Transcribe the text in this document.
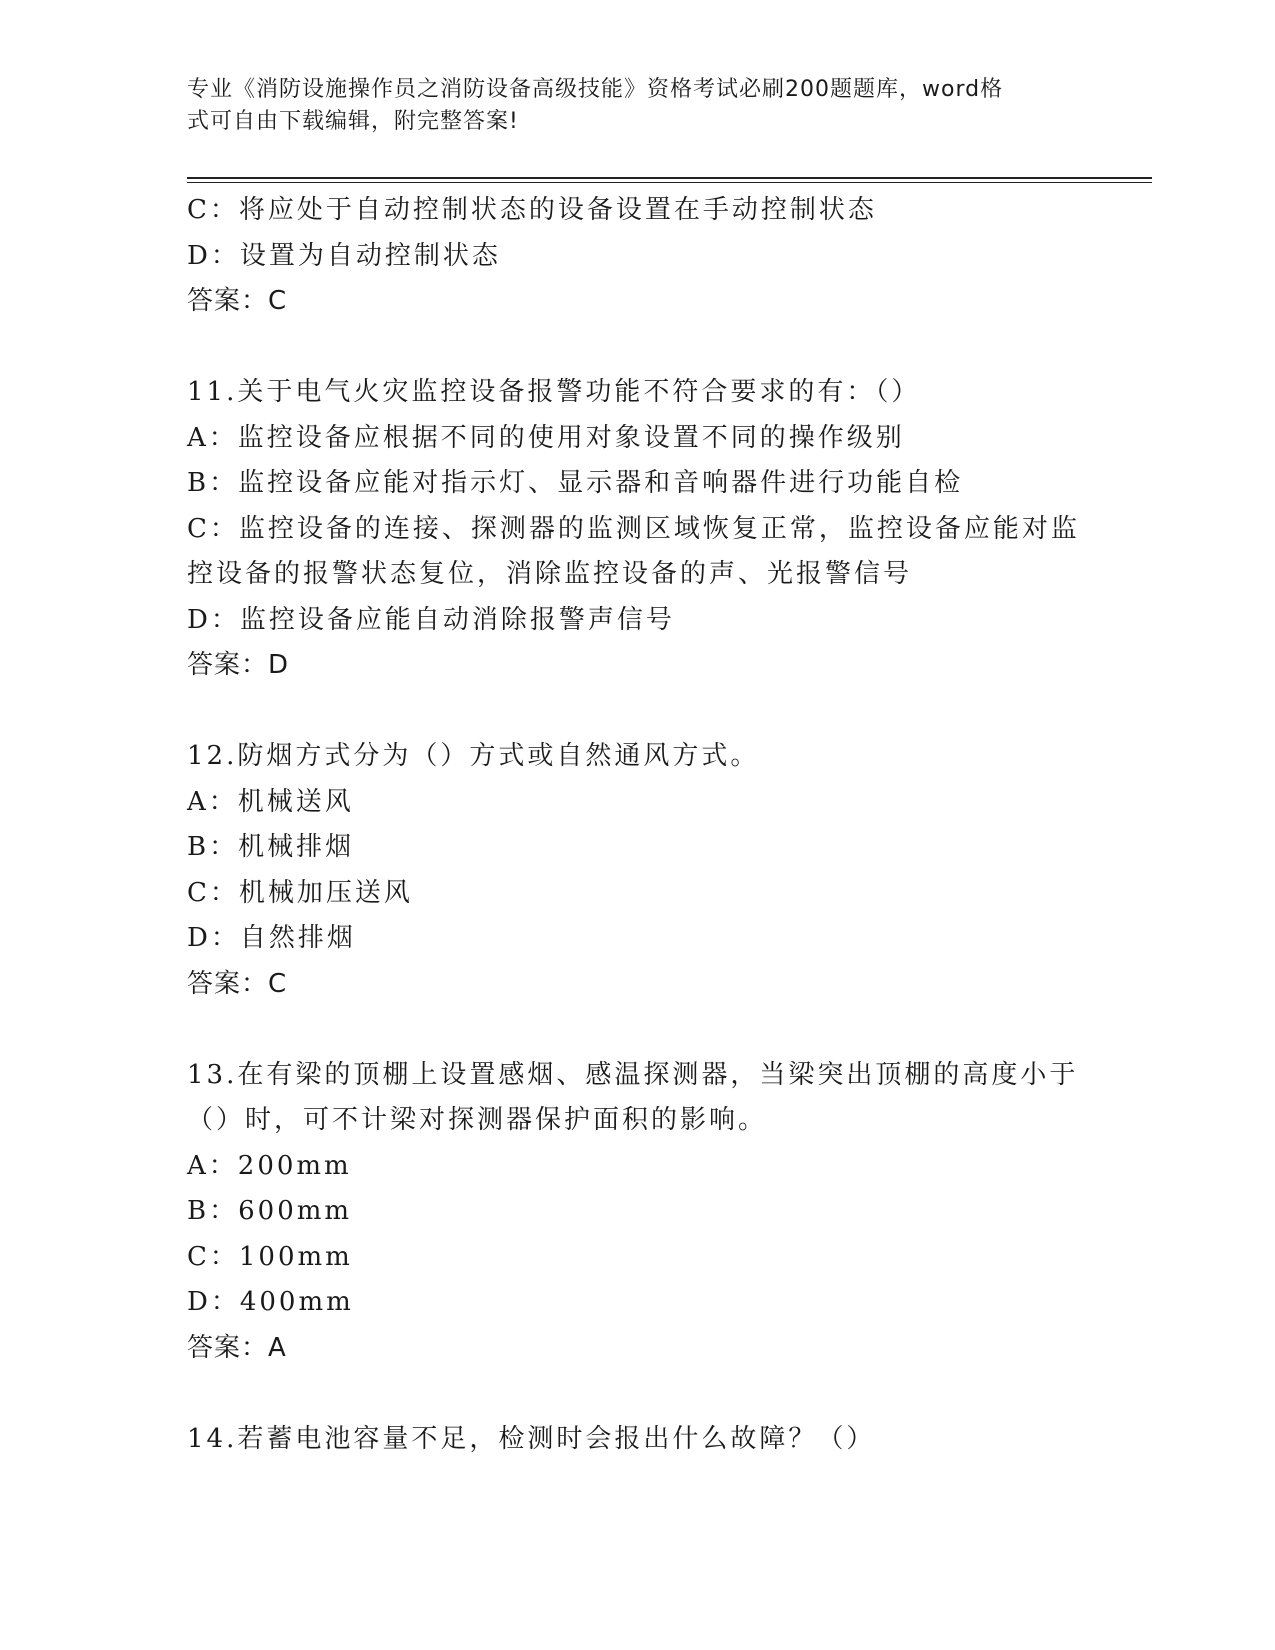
专业《消防设施操作员之消防设备高级技能》资格考试必刷200题题库，word格
式可自由下载编辑，附完整答案!
C：将应处于自动控制状态的设备设置在手动控制状态
D：设置为自动控制状态
答案：C
11.关于电气火灾监控设备报警功能不符合要求的有：（）
A：监控设备应根据不同的使用对象设置不同的操作级别
B：监控设备应能对指示灯、显示器和音响器件进行功能自检
C：监控设备的连接、探测器的监测区域恢复正常，监控设备应能对监
控设备的报警状态复位，消除监控设备的声、光报警信号
D：监控设备应能自动消除报警声信号
答案：D
12.防烟方式分为（）方式或自然通风方式。
A：机械送风
B：机械排烟
C：机械加压送风
D：自然排烟
答案：C
13.在有梁的顶棚上设置感烟、感温探测器，当梁突出顶棚的高度小于
（）时，可不计梁对探测器保护面积的影响。
A：200mm
B：600mm
C：100mm
D：400mm
答案：A
14.若蓄电池容量不足，检测时会报出什么故障？（）
